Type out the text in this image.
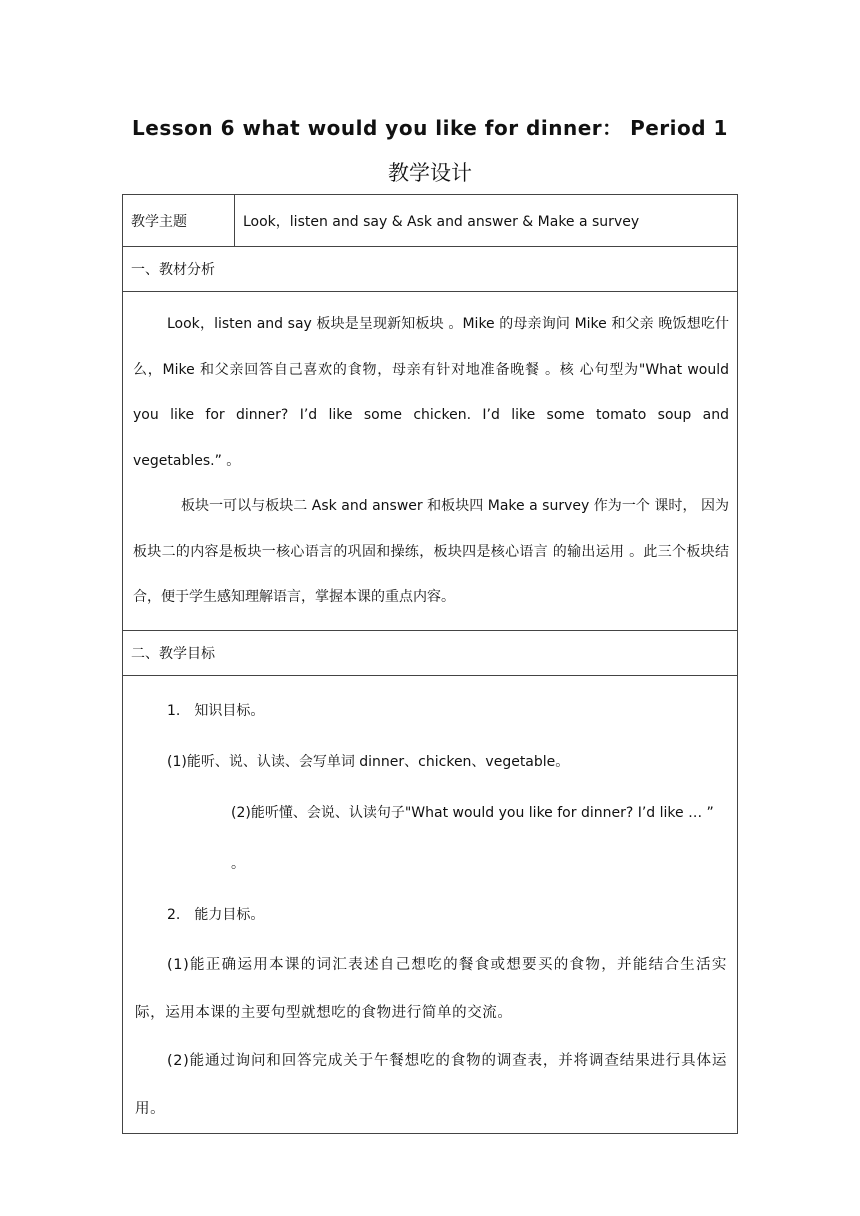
Lesson 6 what would you like for dinner： Period 1
教学设计
教学主题	Look，listen and say & Ask and answer & Make a survey
一、教材分析

Look，listen and say 板块是呈现新知板块 。Mike 的母亲询问 Mike 和父亲 晚饭想吃什么，Mike 和父亲回答自己喜欢的食物，母亲有针对地准备晚餐 。核 心句型为"What would you like for dinner? I’d like some chicken. I’d like some tomato soup and vegetables.” 。

板块一可以与板块二 Ask and answer 和板块四 Make a survey 作为一个 课时， 因为板块二的内容是板块一核心语言的巩固和操练，板块四是核心语言 的输出运用 。此三个板块结合，便于学生感知理解语言，掌握本课的重点内容。

二、教学目标

1.　知识目标。
(1)能听、说、认读、会写单词 dinner、chicken、vegetable。
(2)能听懂、会说、认读句子"What would you like for dinner? I’d like … ” 。
2.　能力目标。

(1)能正确运用本课的词汇表述自己想吃的餐食或想要买的食物，并能结合生活实际，运用本课的主要句型就想吃的食物进行简单的交流。

(2)能通过询问和回答完成关于午餐想吃的食物的调查表，并将调查结果进行具体运用。
